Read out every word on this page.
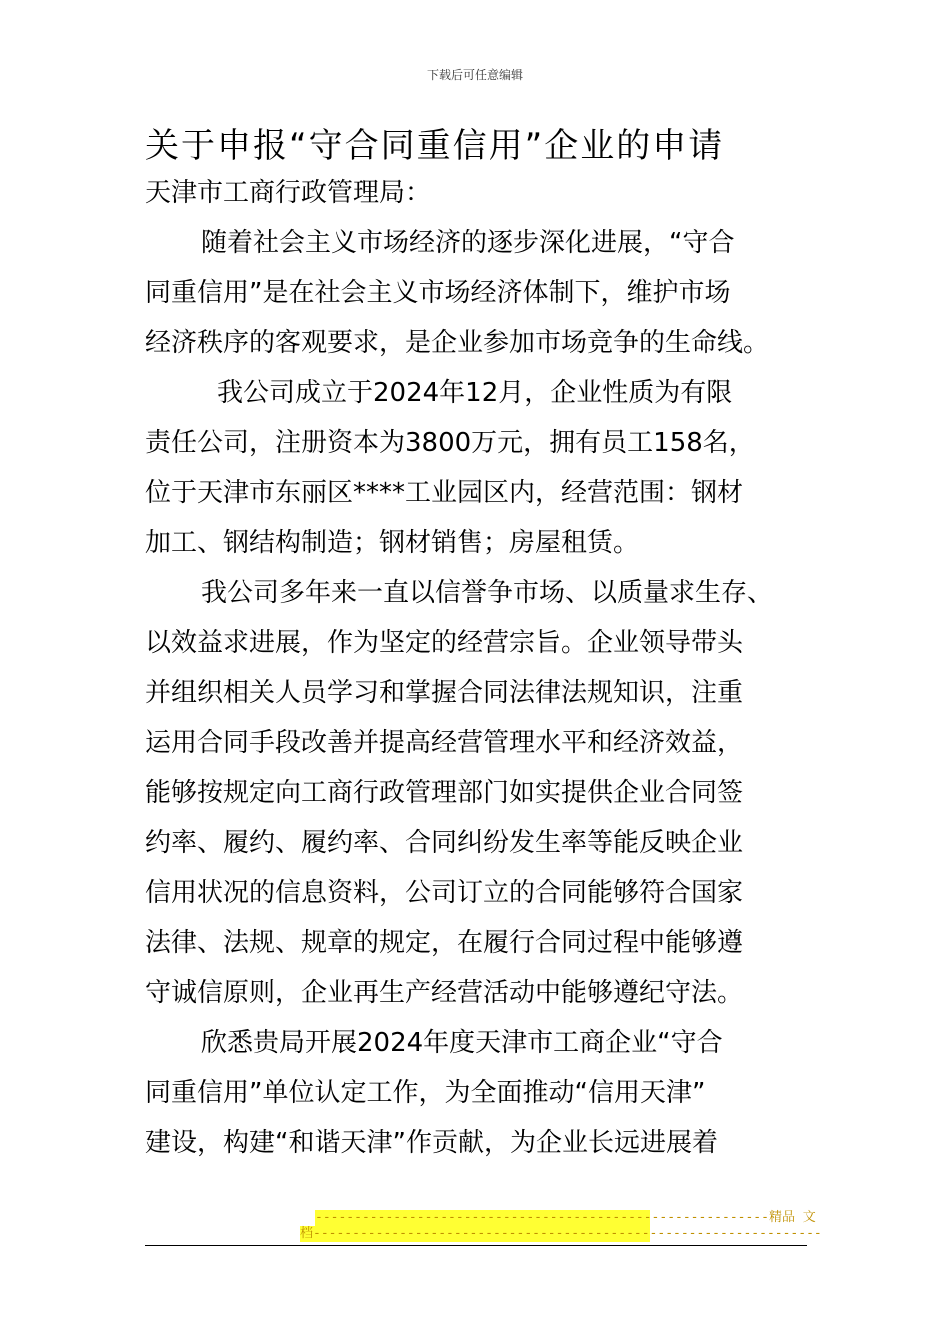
下载后可任意编辑
关于申报“守合同重信用”企业的申请

天津市工商行政管理局：

随着社会主义市场经济的逐步深化进展，“守合
同重信用”是在社会主义市场经济体制下，维护市场
经济秩序的客观要求，是企业参加市场竞争的生命线。

我公司成立于2024年12月，企业性质为有限
责任公司，注册资本为3800万元，拥有员工158名，
位于天津市东丽区****工业园区内，经营范围：钢材
加工、钢结构制造；钢材销售；房屋租赁。

我公司多年来一直以信誉争市场、以质量求生存、
以效益求进展，作为坚定的经营宗旨。企业领导带头
并组织相关人员学习和掌握合同法律法规知识，注重
运用合同手段改善并提高经营管理水平和经济效益，
能够按规定向工商行政管理部门如实提供企业合同签
约率、履约、履约率、合同纠纷发生率等能反映企业
信用状况的信息资料，公司订立的合同能够符合国家
法律、法规、规章的规定，在履行合同过程中能够遵
守诚信原则，企业再生产经营活动中能够遵纪守法。

欣悉贵局开展2024年度天津市工商企业“守合
同重信用”单位认定工作，为全面推动“信用天津”
建设，构建“和谐天津”作贡献，为企业长远进展着

----------------------------------------------------------精品 文
档-----------------------------------------------------------------
